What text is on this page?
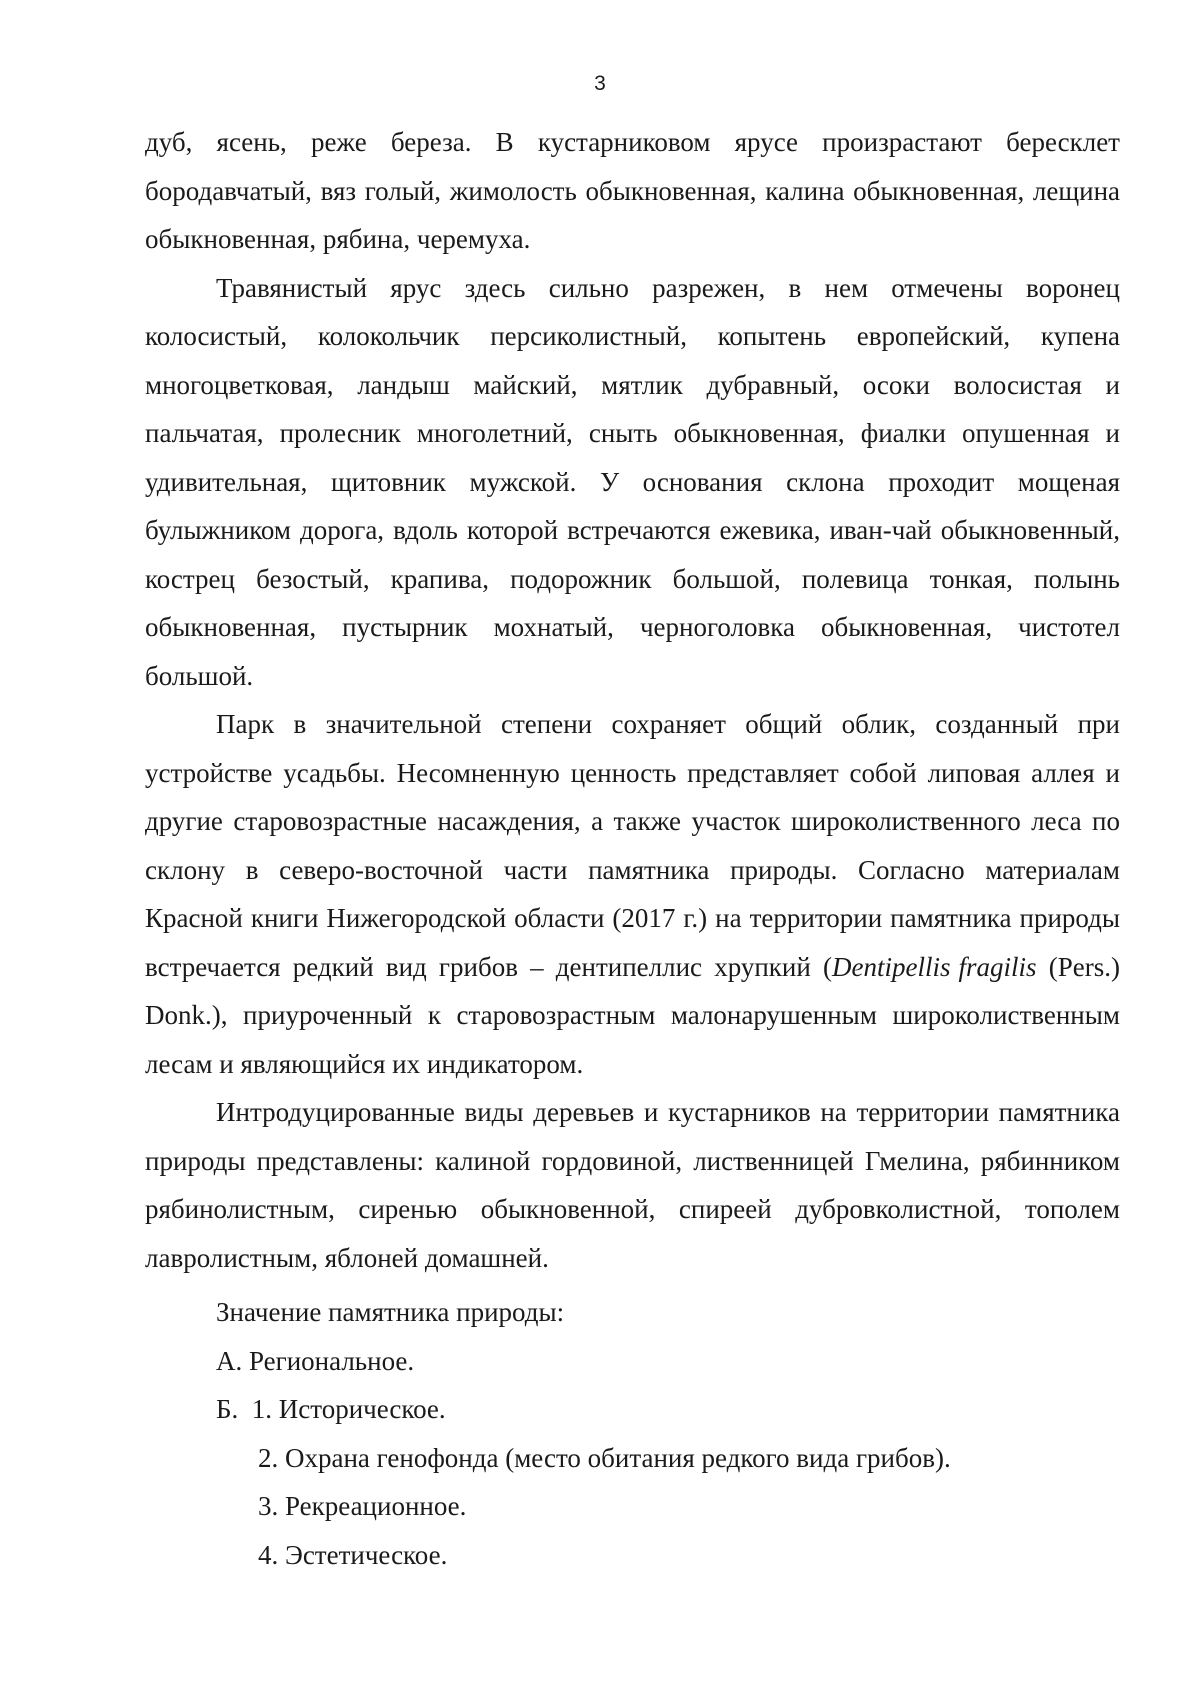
3

дуб, ясень, реже береза. В кустарниковом ярусе произрастают бересклет бородавчатый, вяз голый, жимолость обыкновенная, калина обыкновенная, лещина обыкновенная, рябина, черемуха.

Травянистый ярус здесь сильно разрежен, в нем отмечены воронец колосистый, колокольчик персиколистный, копытень европейский, купена многоцветковая, ландыш майский, мятлик дубравный, осоки волосистая и пальчатая, пролесник многолетний, сныть обыкновенная, фиалки опушенная и удивительная, щитовник мужской. У основания склона проходит мощеная булыжником дорога, вдоль которой встречаются ежевика, иван-чай обыкновенный, кострец безостый, крапива, подорожник большой, полевица тонкая, полынь обыкновенная, пустырник мохнатый, черноголовка обыкновенная, чистотел большой.

Парк в значительной степени сохраняет общий облик, созданный при устройстве усадьбы. Несомненную ценность представляет собой липовая аллея и другие старовозрастные насаждения, а также участок широколиственного леса по склону в северо-восточной части памятника природы. Согласно материалам Красной книги Нижегородской области (2017 г.) на территории памятника природы встречается редкий вид грибов – дентипеллис хрупкий (Dentipellis fragilis (Pers.) Donk.), приуроченный к старовозрастным малонарушенным широколиственным лесам и являющийся их индикатором.

Интродуцированные виды деревьев и кустарников на территории памятника природы представлены: калиной гордовиной, лиственницей Гмелина, рябинником рябинолистным, сиренью обыкновенной, спиреей дубровколистной, тополем лавролистным, яблоней домашней.

Значение памятника природы:

А. Региональное.

Б. 1. Историческое.

2. Охрана генофонда (место обитания редкого вида грибов).

3. Рекреационное.

4. Эстетическое.
